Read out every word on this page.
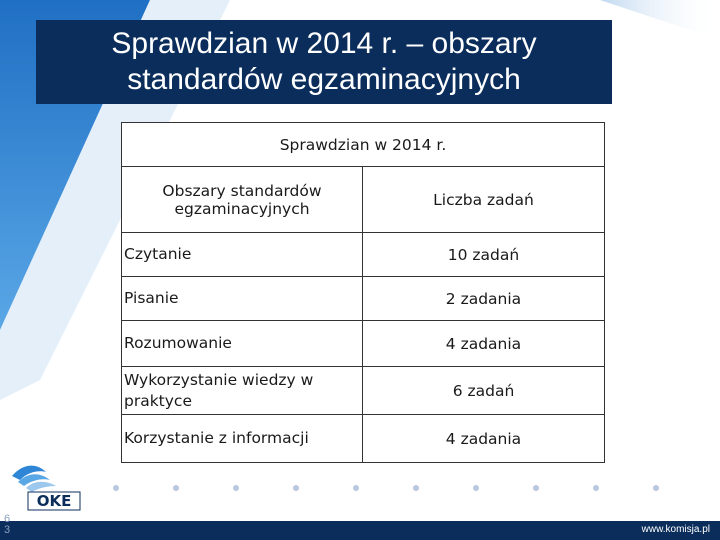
Sprawdzian w 2014 r. – obszary
standardów egzaminacyjnych
Sprawdzian w 2014 r.	
Obszary standardów egzaminacyjnych	Liczba zadań
Czytanie	10 zadań
Pisanie	2 zadania
Rozumowanie	4 zadania
Wykorzystanie wiedzy w praktyce	6 zadań
Korzystanie z informacji	4 zadania
OKE
www.komisja.pl
6
3
